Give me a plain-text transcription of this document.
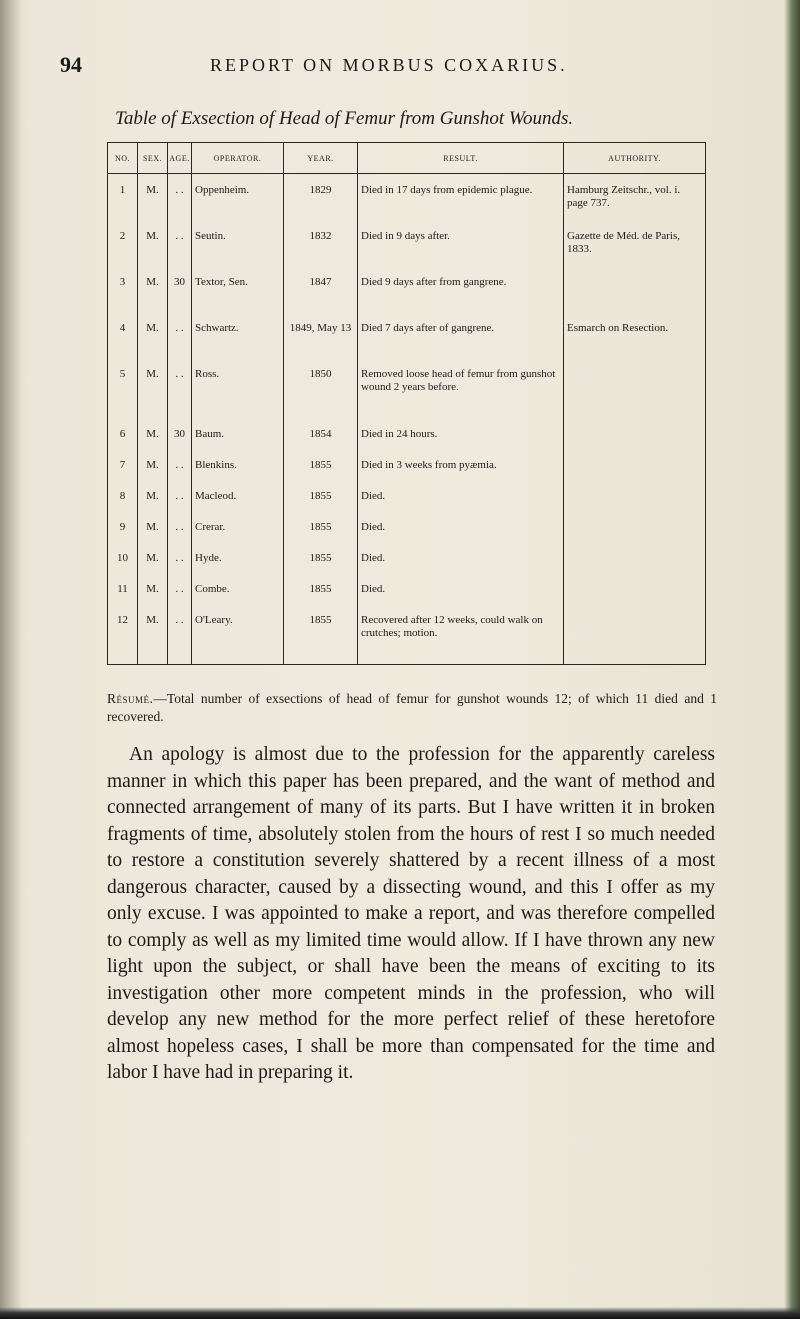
94	REPORT ON MORBUS COXARIUS.
Table of Exsection of Head of Femur from Gunshot Wounds.
NO.	SEX.	AGE.	OPERATOR.	YEAR.	RESULT.	AUTHORITY.

1	M.	. .	Oppenheim.	1829	Died in 17 days from epidemic plague.	Hamburg Zeitschr., vol. i. page 737.
2	M.	. .	Seutin.	1832	Died in 9 days after.	Gazette de Méd. de Paris, 1833.
3	M.	30	Textor, Sen.	1847	Died 9 days after from gangrene.	
4	M.	. .	Schwartz.	1849, May 13	Died 7 days after of gangrene.	Esmarch on Resection.
5	M.	. .	Ross.	1850	Removed loose head of femur from gunshot wound 2 years before.	
6	M.	30	Baum.	1854	Died in 24 hours.	
7	M.	. .	Blenkins.	1855	Died in 3 weeks from pyæmia.	
8	M.	. .	Macleod.	1855	Died.	
9	M.	. .	Crerar.	1855	Died.	
10	M.	. .	Hyde.	1855	Died.	
11	M.	. .	Combe.	1855	Died.	
12	M.	. .	O'Leary.	1855	Recovered after 12 weeks, could walk on crutches; motion.	
Résumé.—Total number of exsections of head of femur for gunshot wounds 12; of which 11 died and 1 recovered.

An apology is almost due to the profession for the apparently careless manner in which this paper has been prepared, and the want of method and connected arrangement of many of its parts. But I have written it in broken fragments of time, absolutely stolen from the hours of rest I so much needed to restore a constitution severely shattered by a recent illness of a most dangerous character, caused by a dissecting wound, and this I offer as my only excuse. I was appointed to make a report, and was therefore compelled to comply as well as my limited time would allow. If I have thrown any new light upon the subject, or shall have been the means of exciting to its investigation other more competent minds in the profession, who will develop any new method for the more perfect relief of these heretofore almost hopeless cases, I shall be more than compensated for the time and labor I have had in preparing it.
